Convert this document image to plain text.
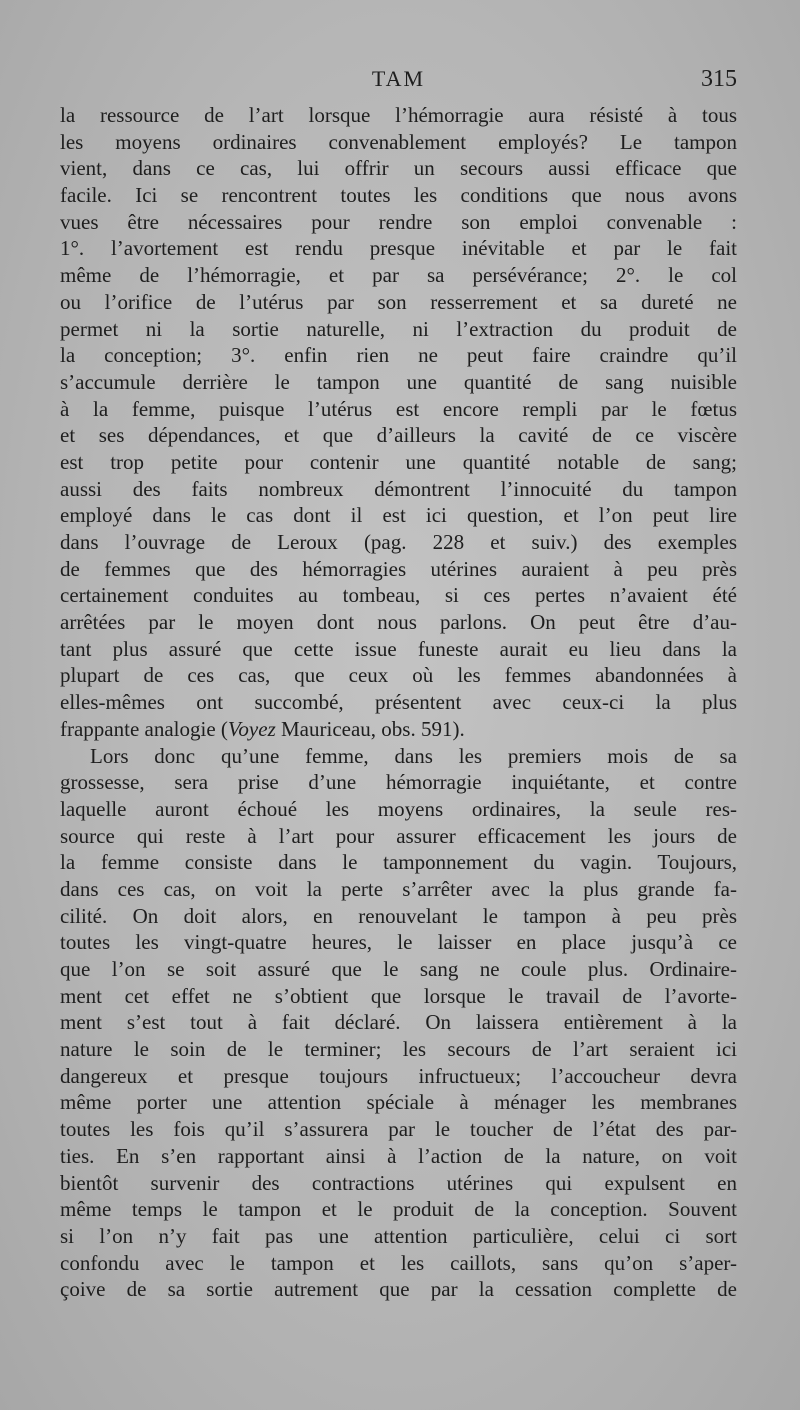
TAM	315
la ressource de l’art lorsque l’hémorragie aura résisté à tous
les moyens ordinaires convenablement employés? Le tampon
vient, dans ce cas, lui offrir un secours aussi efficace que
facile. Ici se rencontrent toutes les conditions que nous avons
vues être nécessaires pour rendre son emploi convenable :
1°. l’avortement est rendu presque inévitable et par le fait
même de l’hémorragie, et par sa persévérance; 2°. le col
ou l’orifice de l’utérus par son resserrement et sa dureté ne
permet ni la sortie naturelle, ni l’extraction du produit de
la conception; 3°. enfin rien ne peut faire craindre qu’il
s’accumule derrière le tampon une quantité de sang nuisible
à la femme, puisque l’utérus est encore rempli par le fœtus
et ses dépendances, et que d’ailleurs la cavité de ce viscère
est trop petite pour contenir une quantité notable de sang;
aussi des faits nombreux démontrent l’innocuité du tampon
employé dans le cas dont il est ici question, et l’on peut lire
dans l’ouvrage de Leroux (pag. 228 et suiv.) des exemples
de femmes que des hémorragies utérines auraient à peu près
certainement conduites au tombeau, si ces pertes n’avaient été
arrêtées par le moyen dont nous parlons. On peut être d’au-
tant plus assuré que cette issue funeste aurait eu lieu dans la
plupart de ces cas, que ceux où les femmes abandonnées à
elles-mêmes ont succombé, présentent avec ceux-ci la plus
frappante analogie (Voyez Mauriceau, obs. 591).
Lors donc qu’une femme, dans les premiers mois de sa
grossesse, sera prise d’une hémorragie inquiétante, et contre
laquelle auront échoué les moyens ordinaires, la seule res-
source qui reste à l’art pour assurer efficacement les jours de
la femme consiste dans le tamponnement du vagin. Toujours,
dans ces cas, on voit la perte s’arrêter avec la plus grande fa-
cilité. On doit alors, en renouvelant le tampon à peu près
toutes les vingt-quatre heures, le laisser en place jusqu’à ce
que l’on se soit assuré que le sang ne coule plus. Ordinaire-
ment cet effet ne s’obtient que lorsque le travail de l’avorte-
ment s’est tout à fait déclaré. On laissera entièrement à la
nature le soin de le terminer; les secours de l’art seraient ici
dangereux et presque toujours infructueux; l’accoucheur devra
même porter une attention spéciale à ménager les membranes
toutes les fois qu’il s’assurera par le toucher de l’état des par-
ties. En s’en rapportant ainsi à l’action de la nature, on voit
bientôt survenir des contractions utérines qui expulsent en
même temps le tampon et le produit de la conception. Souvent
si l’on n’y fait pas une attention particulière, celui ci sort
confondu avec le tampon et les caillots, sans qu’on s’aper-
çoive de sa sortie autrement que par la cessation complette de
